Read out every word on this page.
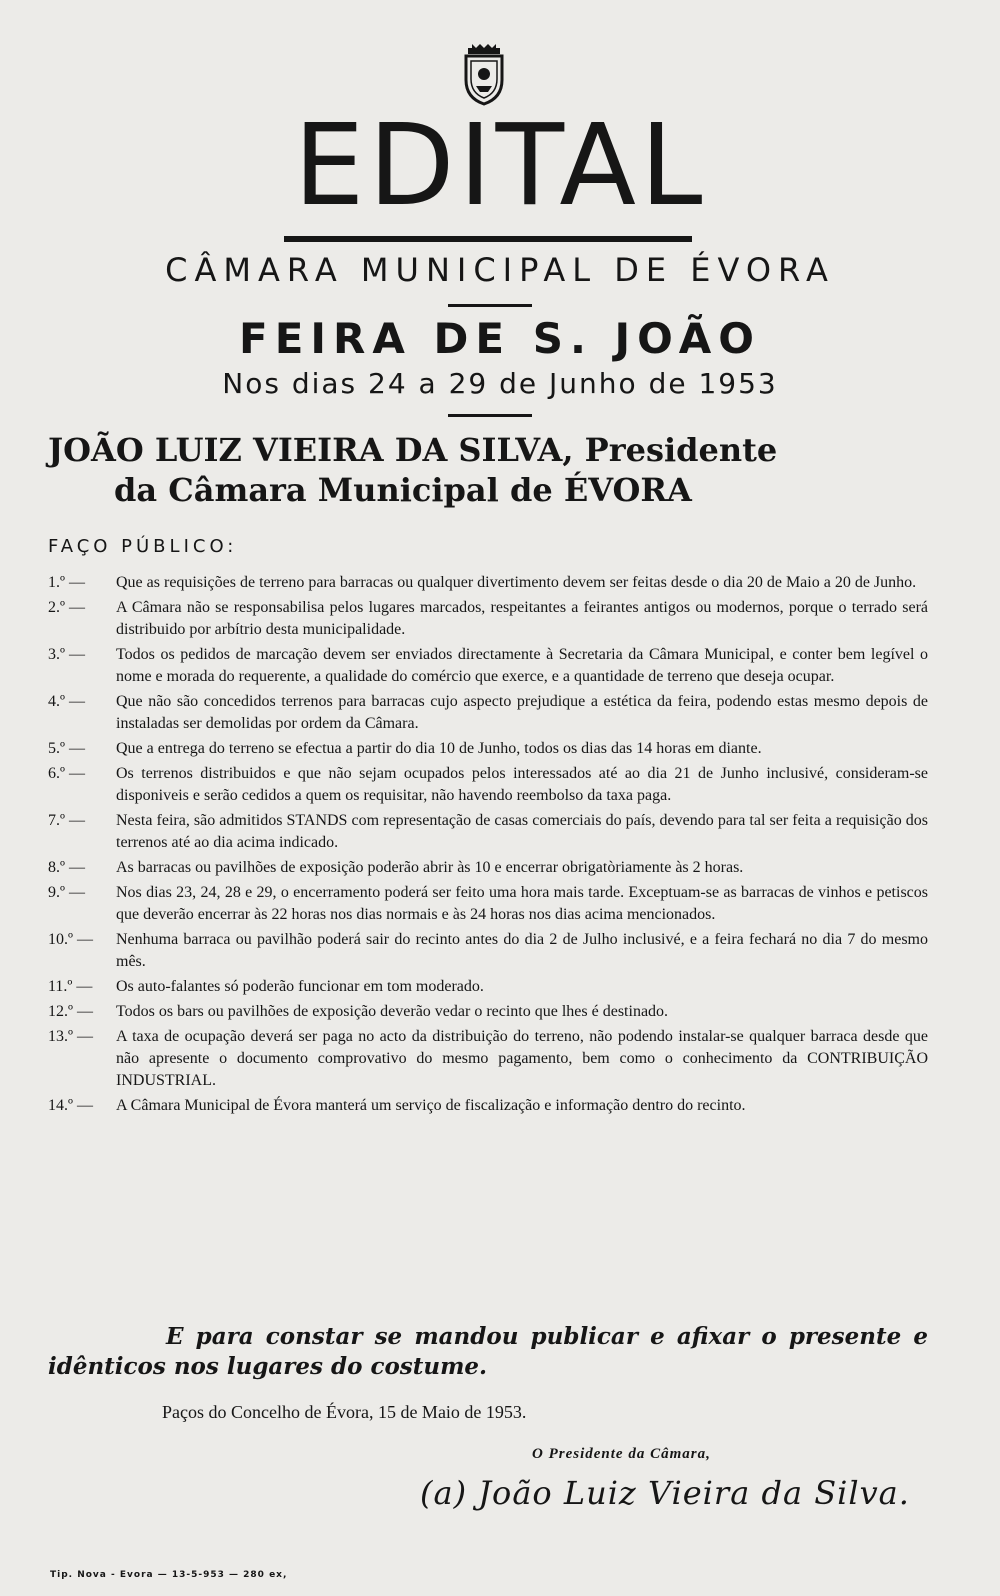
EDITAL
CÂMARA MUNICIPAL DE ÉVORA
FEIRA DE S. JOÃO
Nos dias 24 a 29 de Junho de 1953
JOÃO LUIZ VIEIRA DA SILVA, Presidente
da Câmara Municipal de ÉVORA
FAÇO PÚBLICO:
1.º —	Que as requisições de terreno para barracas ou qualquer divertimento devem ser feitas desde o dia 20 de Maio a 20 de Junho.
2.º —	A Câmara não se responsabilisa pelos lugares marcados, respeitantes a feirantes antigos ou modernos, porque o terrado será distribuido por arbítrio desta municipalidade.
3.º —	Todos os pedidos de marcação devem ser enviados directamente à Secretaria da Câmara Municipal, e conter bem legível o nome e morada do requerente, a qualidade do comércio que exerce, e a quantidade de terreno que deseja ocupar.
4.º —	Que não são concedidos terrenos para barracas cujo aspecto prejudique a estética da feira, podendo estas mesmo depois de instaladas ser demolidas por ordem da Câmara.
5.º —	Que a entrega do terreno se efectua a partir do dia 10 de Junho, todos os dias das 14 horas em diante.
6.º —	Os terrenos distribuidos e que não sejam ocupados pelos interessados até ao dia 21 de Junho inclusivé, consideram-se disponiveis e serão cedidos a quem os requisitar, não havendo reembolso da taxa paga.
7.º —	Nesta feira, são admitidos STANDS com representação de casas comerciais do país, devendo para tal ser feita a requisição dos terrenos até ao dia acima indicado.
8.º —	As barracas ou pavilhões de exposição poderão abrir às 10 e encerrar obrigatòriamente às 2 horas.
9.º —	Nos dias 23, 24, 28 e 29, o encerramento poderá ser feito uma hora mais tarde. Exceptuam-se as barracas de vinhos e petiscos que deverão encerrar às 22 horas nos dias normais e às 24 horas nos dias acima mencionados.
10.º —	Nenhuma barraca ou pavilhão poderá sair do recinto antes do dia 2 de Julho inclusivé, e a feira fechará no dia 7 do mesmo mês.
11.º —	Os auto-falantes só poderão funcionar em tom moderado.
12.º —	Todos os bars ou pavilhões de exposição deverão vedar o recinto que lhes é destinado.
13.º —	A taxa de ocupação deverá ser paga no acto da distribuição do terreno, não podendo instalar-se qualquer barraca desde que não apresente o documento comprovativo do mesmo pagamento, bem como o conhecimento da CONTRIBUIÇÃO INDUSTRIAL.
14.º —	A Câmara Municipal de Évora manterá um serviço de fiscalização e informação dentro do recinto.
E para constar se mandou publicar e afixar o presente e idênticos nos lugares do costume.
Paços do Concelho de Évora, 15 de Maio de 1953.
O Presidente da Câmara,
(a) João Luiz Vieira da Silva.
Tip. Nova - Evora — 13-5-953 — 280 ex,
